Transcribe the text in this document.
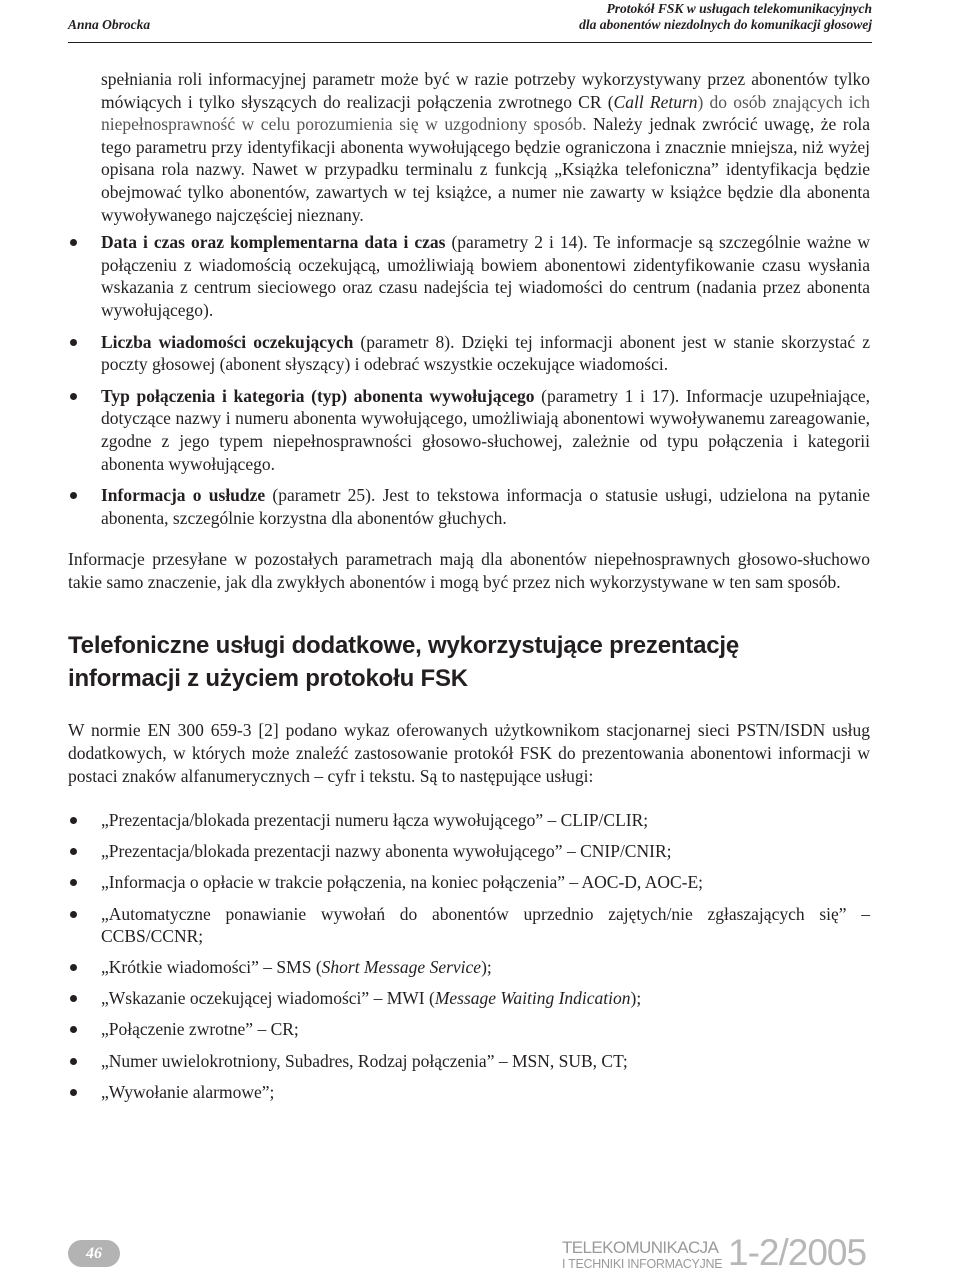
Anna Obrocka
Protokół FSK w usługach telekomunikacyjnych
dla abonentów niezdolnych do komunikacji głosowej

spełniania roli informacyjnej parametr może być w razie potrzeby wykorzystywany przez abonentów tylko mówiących i tylko słyszących do realizacji połączenia zwrotnego CR (Call Return) do osób znających ich niepełnosprawność w celu porozumienia się w uzgodniony sposób. Należy jednak zwrócić uwagę, że rola tego parametru przy identyfikacji abonenta wywołującego będzie ograniczona i znacznie mniejsza, niż wyżej opisana rola nazwy. Nawet w przypadku terminalu z funkcją „Książka telefoniczna” identyfikacja będzie obejmować tylko abonentów, zawartych w tej książce, a numer nie zawarty w książce będzie dla abonenta wywoływanego najczęściej nieznany.

Data i czas oraz komplementarna data i czas (parametry 2 i 14). Te informacje są szczególnie ważne w połączeniu z wiadomością oczekującą, umożliwiają bowiem abonentowi zidentyfikowanie czasu wysłania wskazania z centrum sieciowego oraz czasu nadejścia tej wiadomości do centrum (nadania przez abonenta wywołującego).
Liczba wiadomości oczekujących (parametr 8). Dzięki tej informacji abonent jest w stanie skorzystać z poczty głosowej (abonent słyszący) i odebrać wszystkie oczekujące wiadomości.
Typ połączenia i kategoria (typ) abonenta wywołującego (parametry 1 i 17). Informacje uzupełniające, dotyczące nazwy i numeru abonenta wywołującego, umożliwiają abonentowi wywoływanemu zareagowanie, zgodne z jego typem niepełnosprawności głosowo-słuchowej, zależnie od typu połączenia i kategorii abonenta wywołującego.
Informacja o usłudze (parametr 25). Jest to tekstowa informacja o statusie usługi, udzielona na pytanie abonenta, szczególnie korzystna dla abonentów głuchych.

Informacje przesyłane w pozostałych parametrach mają dla abonentów niepełnosprawnych głosowo-słuchowo takie samo znaczenie, jak dla zwykłych abonentów i mogą być przez nich wykorzystywane w ten sam sposób.

Telefoniczne usługi dodatkowe, wykorzystujące prezentację
informacji z użyciem protokołu FSK

W normie EN 300 659-3 [2] podano wykaz oferowanych użytkownikom stacjonarnej sieci PSTN/ISDN usług dodatkowych, w których może znaleźć zastosowanie protokół FSK do prezentowania abonentowi informacji w postaci znaków alfanumerycznych – cyfr i tekstu. Są to następujące usługi:

„Prezentacja/blokada prezentacji numeru łącza wywołującego” – CLIP/CLIR;
„Prezentacja/blokada prezentacji nazwy abonenta wywołującego” – CNIP/CNIR;
„Informacja o opłacie w trakcie połączenia, na koniec połączenia” – AOC-D, AOC-E;
„Automatyczne ponawianie wywołań do abonentów uprzednio zajętych/nie zgłaszających się” – CCBS/CCNR;
„Krótkie wiadomości” – SMS (Short Message Service);
„Wskazanie oczekującej wiadomości” – MWI (Message Waiting Indication);
„Połączenie zwrotne” – CR;
„Numer uwielokrotniony, Subadres, Rodzaj połączenia” – MSN, SUB, CT;
„Wywołanie alarmowe”;
46	TELEKOMUNIKACJA
I TECHNIKI INFORMACYJNE 1-2/2005
